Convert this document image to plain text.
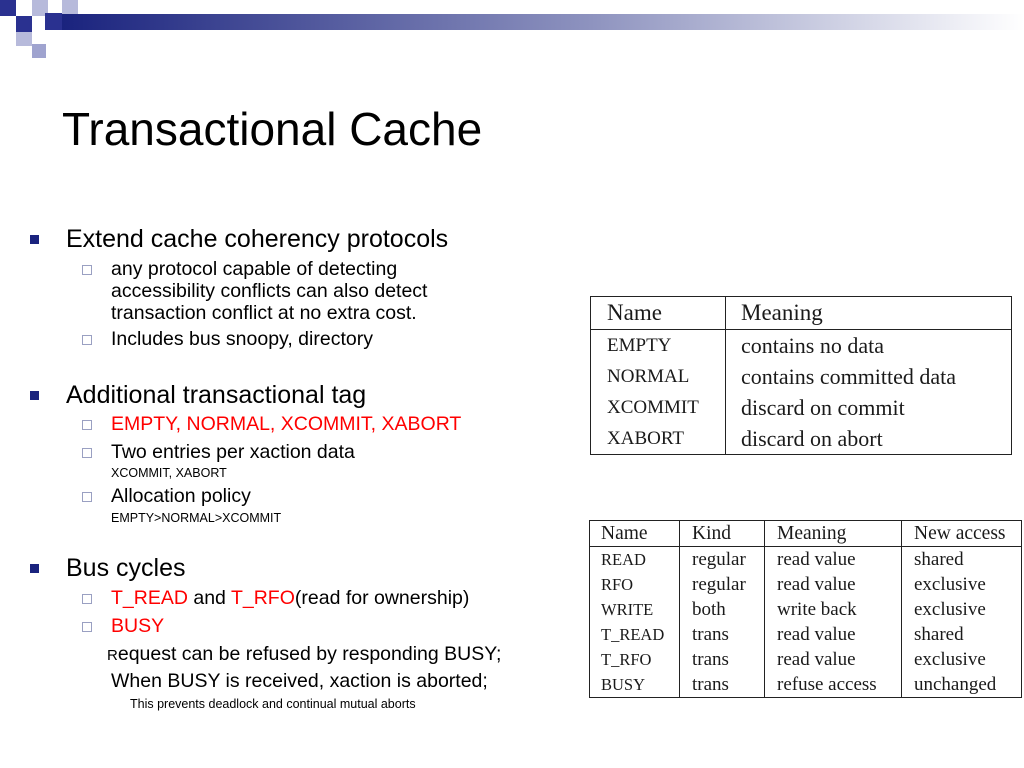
Transactional Cache
Extend cache coherency protocols
any protocol capable of detecting
accessibility conflicts can also detect
transaction conflict at no extra cost.
Includes bus snoopy, directory
Additional transactional tag
EMPTY, NORMAL, XCOMMIT, XABORT
Two entries per xaction data
XCOMMIT, XABORT
Allocation policy
EMPTY>NORMAL>XCOMMIT
Bus cycles
T_READ and T_RFO(read for ownership)
BUSY
Request can be refused by responding BUSY;
When BUSY is received, xaction is aborted;
This prevents deadlock and continual mutual aborts
Name	Meaning
EMPTY	contains no data
NORMAL	contains committed data
XCOMMIT	discard on commit
XABORT	discard on abort
Name	Kind	Meaning	New access
READ	regular	read value	shared
RFO	regular	read value	exclusive
WRITE	both	write back	exclusive
T_READ	trans	read value	shared
T_RFO	trans	read value	exclusive
BUSY	trans	refuse access	unchanged
